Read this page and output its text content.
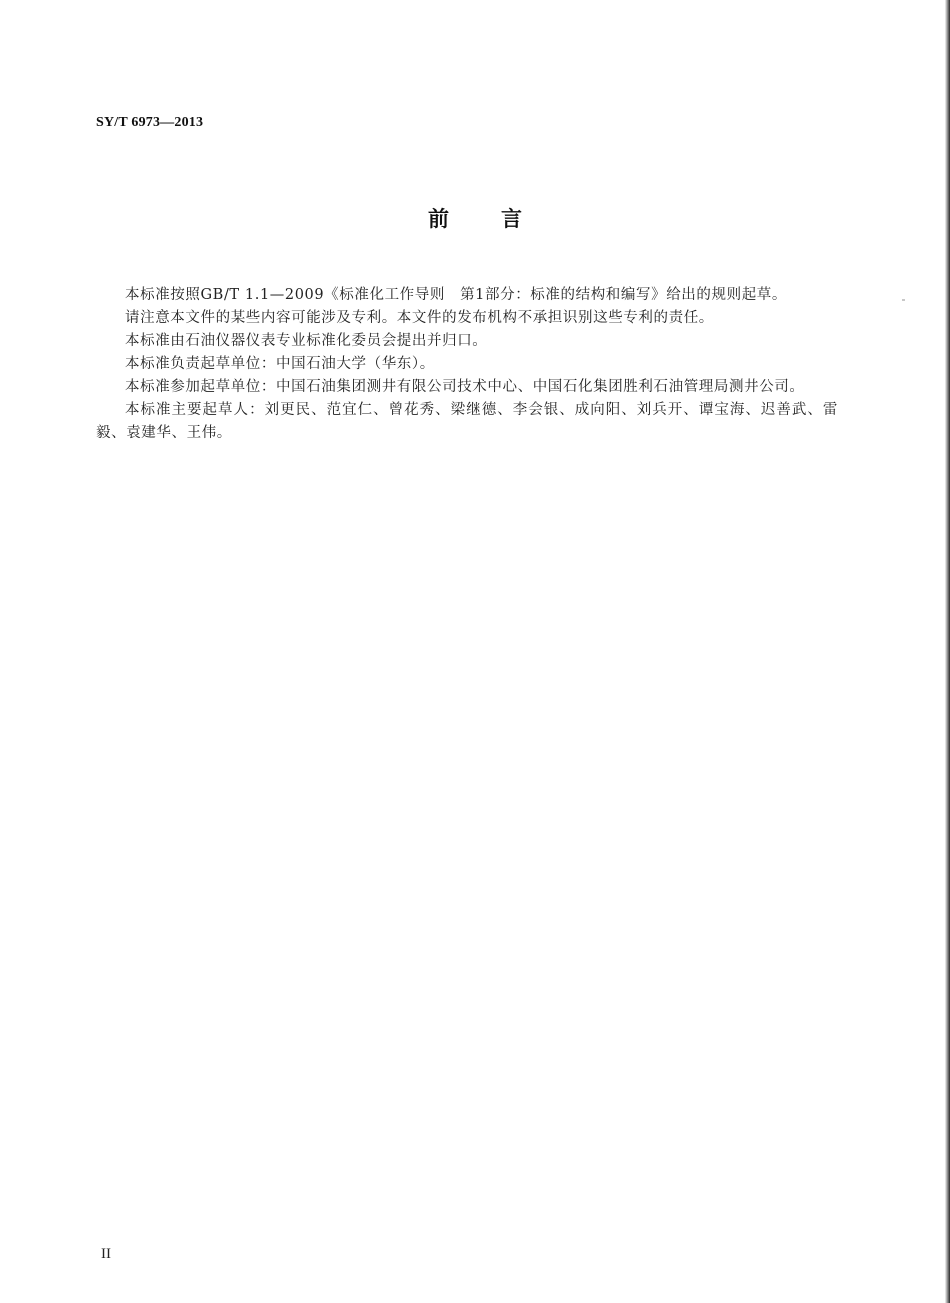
SY/T 6973—2013
前言

本标准按照GB/T 1.1—2009《标准化工作导则　第1部分：标准的结构和编写》给出的规则起草。

请注意本文件的某些内容可能涉及专利。本文件的发布机构不承担识别这些专利的责任。

本标准由石油仪器仪表专业标准化委员会提出并归口。

本标准负责起草单位：中国石油大学（华东）。

本标准参加起草单位：中国石油集团测井有限公司技术中心、中国石化集团胜利石油管理局测井公司。

本标准主要起草人：刘更民、范宜仁、曾花秀、梁继德、李会银、成向阳、刘兵开、谭宝海、迟善武、雷毅、袁建华、王伟。

II
